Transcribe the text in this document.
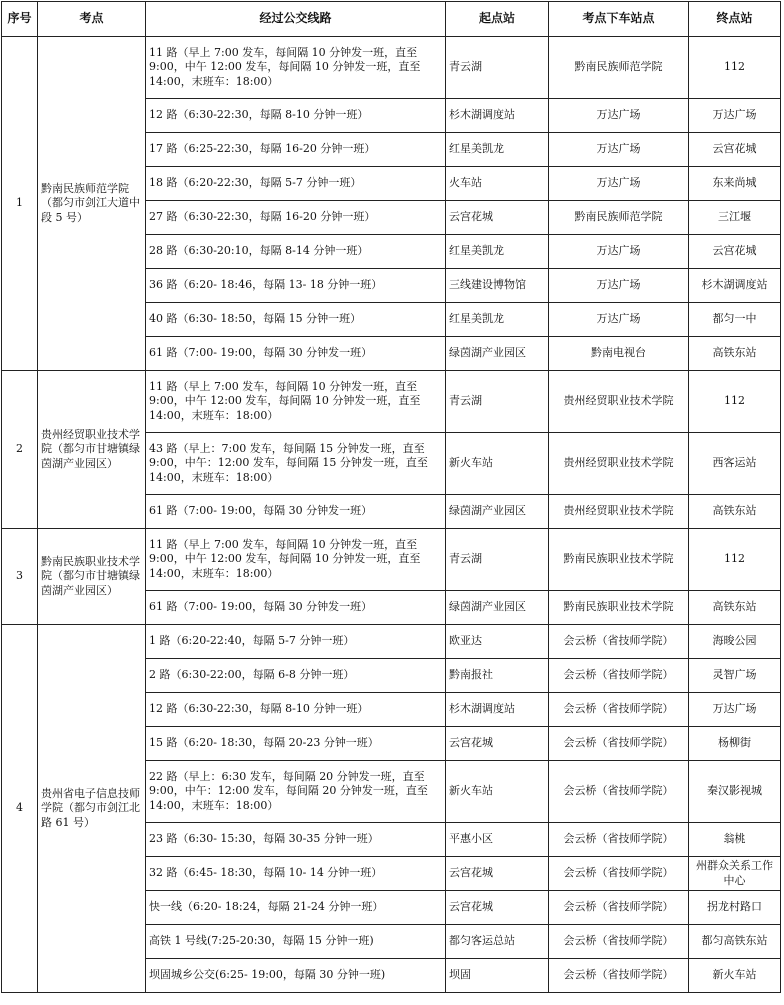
序号	考点	经过公交线路	起点站	考点下车站点	终点站
1	黔南民族师范学院（都匀市剑江大道中段 5 号）	11 路（早上 7:00 发车，每间隔 10 分钟发一班，直至 9:00，中午 12:00 发车，每间隔 10 分钟发一班，直至 14:00，末班车：18:00）	青云湖	黔南民族师范学院	112
		12 路（6:30-22:30，每隔 8-10 分钟一班）	杉木湖调度站	万达广场	万达广场
		17 路（6:25-22:30，每隔 16-20 分钟一班）	红星美凯龙	万达广场	云宫花城
		18 路（6:20-22:30，每隔 5-7 分钟一班）	火车站	万达广场	东来尚城
		27 路（6:30-22:30，每隔 16-20 分钟一班）	云宫花城	黔南民族师范学院	三江堰
		28 路（6:30-20:10，每隔 8-14 分钟一班）	红星美凯龙	万达广场	云宫花城
		36 路（6:20- 18:46，每隔 13- 18 分钟一班）	三线建设博物馆	万达广场	杉木湖调度站
		40 路（6:30- 18:50，每隔 15 分钟一班）	红星美凯龙	万达广场	都匀一中
		61 路（7:00- 19:00，每隔 30 分钟发一班）	绿茵湖产业园区	黔南电视台	高铁东站
2	贵州经贸职业技术学院（都匀市甘塘镇绿茵湖产业园区）	11 路（早上 7:00 发车，每间隔 10 分钟发一班，直至 9:00，中午 12:00 发车，每间隔 10 分钟发一班，直至 14:00，末班车：18:00）	青云湖	贵州经贸职业技术学院	112
		43 路（早上：7:00 发车，每间隔 15 分钟发一班，直至 9:00，中午：12:00 发车，每间隔 15 分钟发一班，直至 14:00，末班车：18:00）	新火车站	贵州经贸职业技术学院	西客运站
		61 路（7:00- 19:00，每隔 30 分钟发一班）	绿茵湖产业园区	贵州经贸职业技术学院	高铁东站
3	黔南民族职业技术学院（都匀市甘塘镇绿茵湖产业园区）	11 路（早上 7:00 发车，每间隔 10 分钟发一班，直至 9:00，中午 12:00 发车，每间隔 10 分钟发一班，直至 14:00，末班车：18:00）	青云湖	黔南民族职业技术学院	112
		61 路（7:00- 19:00，每隔 30 分钟发一班）	绿茵湖产业园区	黔南民族职业技术学院	高铁东站
4	贵州省电子信息技师学院（都匀市剑江北路 61 号）	1 路（6:20-22:40，每隔 5-7 分钟一班）	欧亚达	会云桥（省技师学院）	海晙公园
		2 路（6:30-22:00，每隔 6-8 分钟一班）	黔南报社	会云桥（省技师学院）	灵智广场
		12 路（6:30-22:30，每隔 8-10 分钟一班）	杉木湖调度站	会云桥（省技师学院）	万达广场
		15 路（6:20- 18:30，每隔 20-23 分钟一班）	云宫花城	会云桥（省技师学院）	杨柳街
		22 路（早上：6:30 发车，每间隔 20 分钟发一班，直至 9:00，中午：12:00 发车，每间隔 20 分钟发一班，直至 14:00，末班车：18:00）	新火车站	会云桥（省技师学院）	秦汉影视城
		23 路（6:30- 15:30，每隔 30-35 分钟一班）	平惠小区	会云桥（省技师学院）	翁桃
		32 路（6:45- 18:30，每隔 10- 14 分钟一班）	云宫花城	会云桥（省技师学院）	州群众关系工作中心
		快一线（6:20- 18:24，每隔 21-24 分钟一班）	云宫花城	会云桥（省技师学院）	拐龙村路口
		高铁 1 号线(7:25-20:30，每隔 15 分钟一班)	都匀客运总站	会云桥（省技师学院）	都匀高铁东站
		坝固城乡公交(6:25- 19:00，每隔 30 分钟一班)	坝固	会云桥（省技师学院）	新火车站
